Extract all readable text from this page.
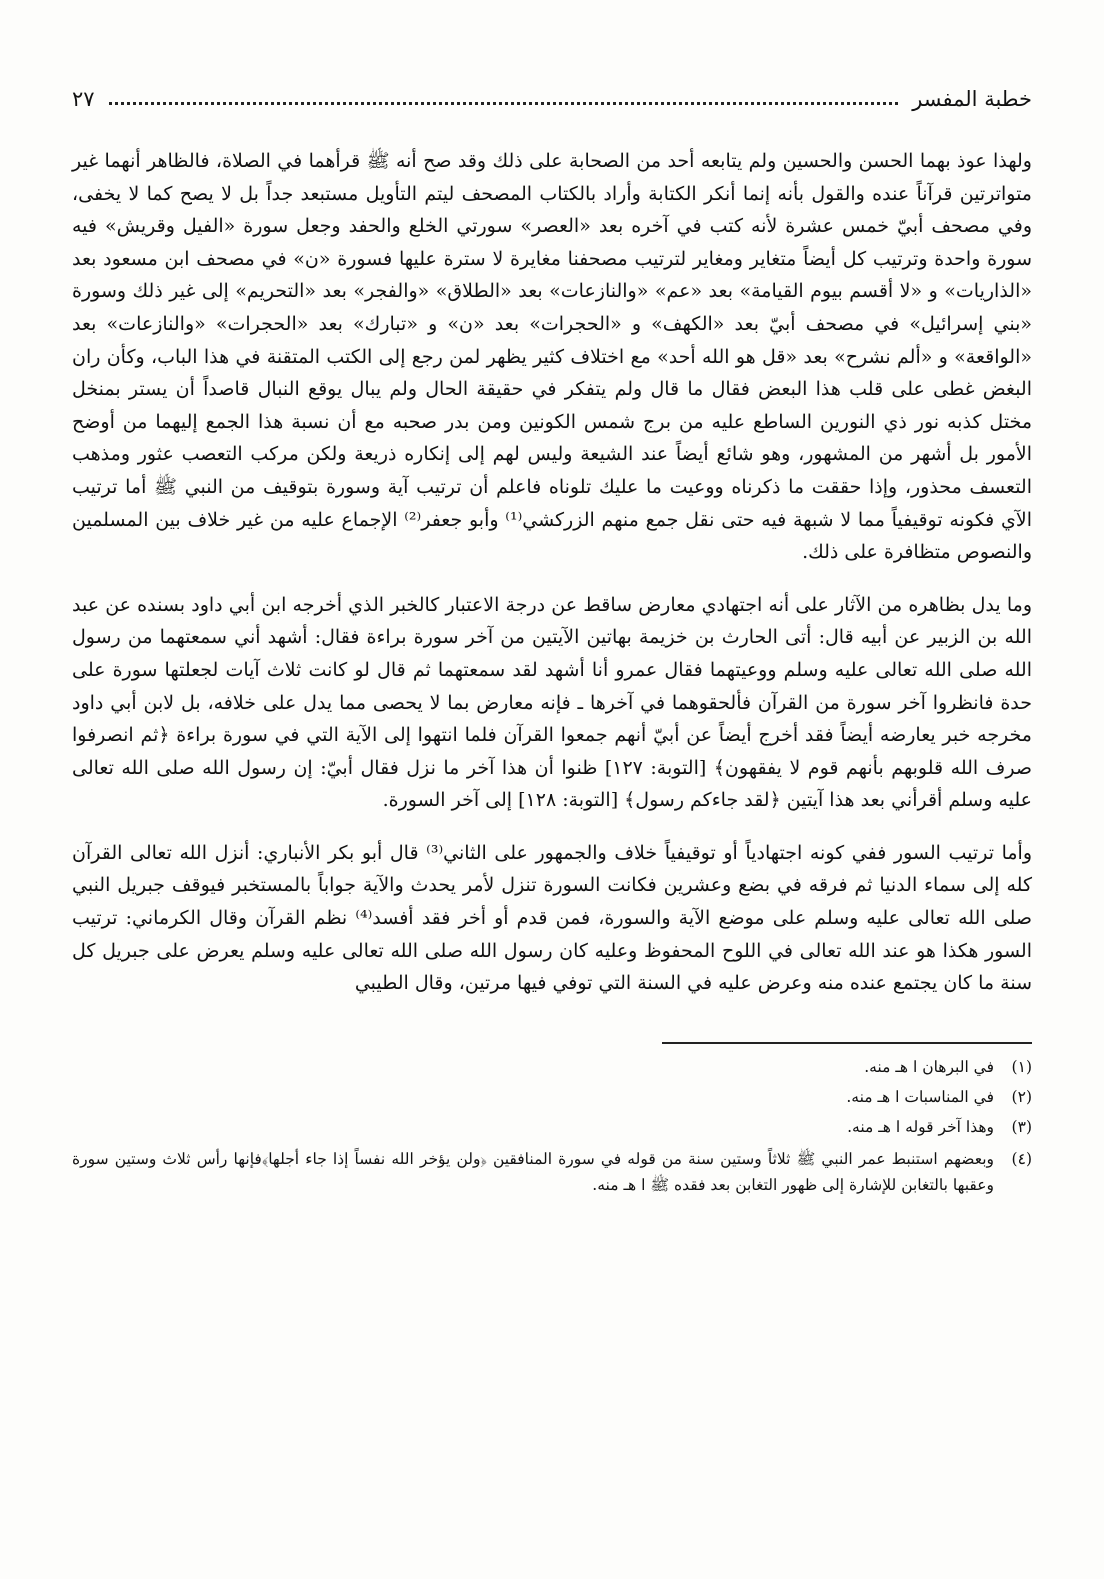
خطبة المفسر
٢٧

ولهذا عوذ بهما الحسن والحسين ولم يتابعه أحد من الصحابة على ذلك وقد صح أنه ﷺ قرأهما في الصلاة، فالظاهر أنهما غير متواترتين قرآناً عنده والقول بأنه إنما أنكر الكتابة وأراد بالكتاب المصحف ليتم التأويل مستبعد جداً بل لا يصح كما لا يخفى، وفي مصحف أبيّ خمس عشرة لأنه كتب في آخره بعد «العصر» سورتي الخلع والحفد وجعل سورة «الفيل وقريش» فيه سورة واحدة وترتيب كل أيضاً متغاير ومغاير لترتيب مصحفنا مغايرة لا سترة عليها فسورة «ن» في مصحف ابن مسعود بعد «الذاريات» و «لا أقسم بيوم القيامة» بعد «عم» «والنازعات» بعد «الطلاق» «والفجر» بعد «التحريم» إلى غير ذلك وسورة «بني إسرائيل» في مصحف أبيّ بعد «الكهف» و «الحجرات» بعد «ن» و «تبارك» بعد «الحجرات» «والنازعات» بعد «الواقعة» و «ألم نشرح» بعد «قل هو الله أحد» مع اختلاف كثير يظهر لمن رجع إلى الكتب المتقنة في هذا الباب، وكأن ران البغض غطى على قلب هذا البعض فقال ما قال ولم يتفكر في حقيقة الحال ولم يبال يوقع النبال قاصداً أن يستر بمنخل مختل كذبه نور ذي النورين الساطع عليه من برج شمس الكونين ومن بدر صحبه مع أن نسبة هذا الجمع إليهما من أوضح الأمور بل أشهر من المشهور، وهو شائع أيضاً عند الشيعة وليس لهم إلى إنكاره ذريعة ولكن مركب التعصب عثور ومذهب التعسف محذور، وإذا حققت ما ذكرناه ووعيت ما عليك تلوناه فاعلم أن ترتيب آية وسورة بتوقيف من النبي ﷺ أما ترتيب الآي فكونه توقيفياً مما لا شبهة فيه حتى نقل جمع منهم الزركشي⁽¹⁾ وأبو جعفر⁽²⁾ الإجماع عليه من غير خلاف بين المسلمين والنصوص متظافرة على ذلك.

وما يدل بظاهره من الآثار على أنه اجتهادي معارض ساقط عن درجة الاعتبار كالخبر الذي أخرجه ابن أبي داود بسنده عن عبد الله بن الزبير عن أبيه قال: أتى الحارث بن خزيمة بهاتين الآيتين من آخر سورة براءة فقال: أشهد أني سمعتهما من رسول الله صلى الله تعالى عليه وسلم ووعيتهما فقال عمرو أنا أشهد لقد سمعتهما ثم قال لو كانت ثلاث آيات لجعلتها سورة على حدة فانظروا آخر سورة من القرآن فألحقوهما في آخرها ـ فإنه معارض بما لا يحصى مما يدل على خلافه، بل لابن أبي داود مخرجه خبر يعارضه أيضاً فقد أخرج أيضاً عن أبيّ أنهم جمعوا القرآن فلما انتهوا إلى الآية التي في سورة براءة ﴿ثم انصرفوا صرف الله قلوبهم بأنهم قوم لا يفقهون﴾ [التوبة: ١٢٧] ظنوا أن هذا آخر ما نزل فقال أبيّ: إن رسول الله صلى الله تعالى عليه وسلم أقرأني بعد هذا آيتين ﴿لقد جاءكم رسول﴾ [التوبة: ١٢٨] إلى آخر السورة.

وأما ترتيب السور ففي كونه اجتهادياً أو توقيفياً خلاف والجمهور على الثاني⁽³⁾ قال أبو بكر الأنباري: أنزل الله تعالى القرآن كله إلى سماء الدنيا ثم فرقه في بضع وعشرين فكانت السورة تنزل لأمر يحدث والآية جواباً بالمستخبر فيوقف جبريل النبي صلى الله تعالى عليه وسلم على موضع الآية والسورة، فمن قدم أو أخر فقد أفسد⁽⁴⁾ نظم القرآن وقال الكرماني: ترتيب السور هكذا هو عند الله تعالى في اللوح المحفوظ وعليه كان رسول الله صلى الله تعالى عليه وسلم يعرض على جبريل كل سنة ما كان يجتمع عنده منه وعرض عليه في السنة التي توفي فيها مرتين، وقال الطيبي

(١)
في البرهان ا هـ منه.
(٢)
في المناسبات ا هـ منه.
(٣)
وهذا آخر قوله ا هـ منه.
(٤)
وبعضهم استنبط عمر النبي ﷺ ثلاثاً وستين سنة من قوله في سورة المنافقين ﴿ولن يؤخر الله نفساً إذا جاء أجلها﴾فإنها رأس ثلاث وستين سورة وعقبها بالتغابن للإشارة إلى ظهور التغابن بعد فقده ﷺ ا هـ منه.
